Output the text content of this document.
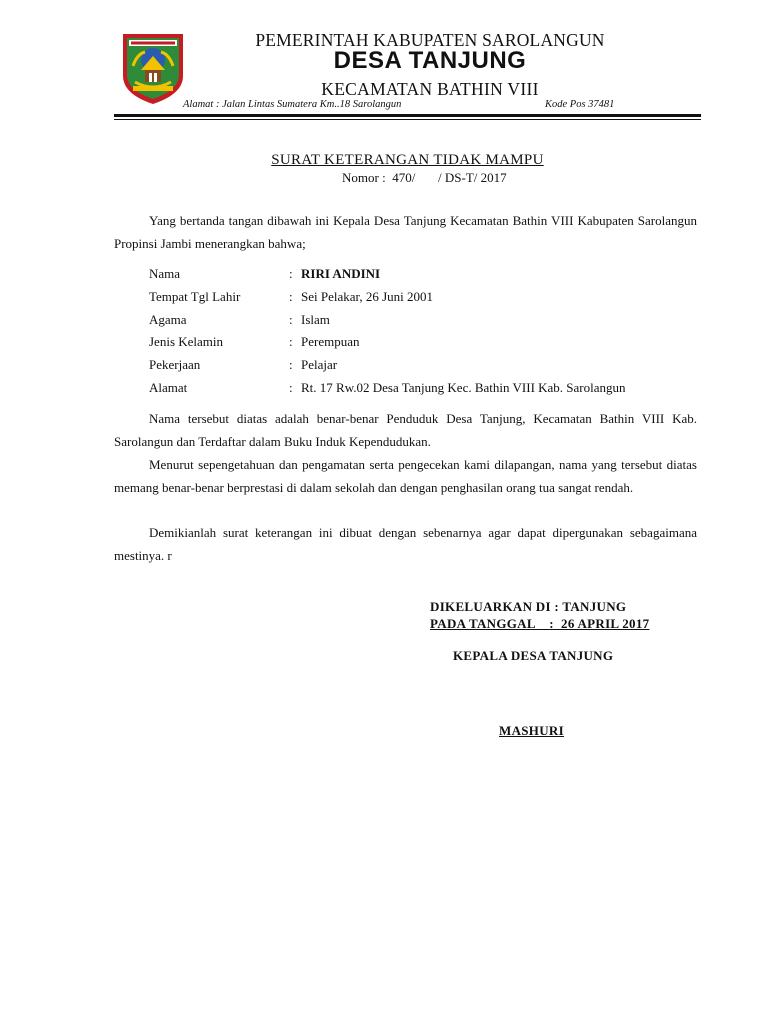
PEMERINTAH KABUPATEN SAROLANGUN
DESA TANJUNG
KECAMATAN BATHIN VIII
Alamat : Jalan Lintas Sumatera Km..18 Sarolangun	Kode Pos 37481
SURAT KETERANGAN TIDAK MAMPU
Nomor :  470/       / DS-T/ 2017
Yang bertanda tangan dibawah ini Kepala Desa Tanjung Kecamatan Bathin VIII Kabupaten Sarolangun Propinsi Jambi menerangkan bahwa;
Nama	: RIRI ANDINI
Tempat Tgl Lahir	: Sei Pelakar, 26 Juni 2001
Agama	: Islam
Jenis Kelamin	: Perempuan
Pekerjaan	: Pelajar
Alamat	: Rt. 17 Rw.02 Desa Tanjung Kec. Bathin VIII Kab. Sarolangun
Nama tersebut diatas adalah benar-benar Penduduk Desa Tanjung, Kecamatan Bathin VIII Kab. Sarolangun dan Terdaftar dalam Buku Induk Kependudukan.
Menurut sepengetahuan dan pengamatan serta pengecekan kami dilapangan, nama yang tersebut diatas memang benar-benar berprestasi di dalam sekolah dan dengan penghasilan orang tua sangat rendah.
Demikianlah surat keterangan ini dibuat dengan sebenarnya agar dapat dipergunakan sebagaimana mestinya. r
DIKELUARKAN DI : TANJUNG
PADA TANGGAL    :  26 APRIL 2017
KEPALA DESA TANJUNG
MASHURI
